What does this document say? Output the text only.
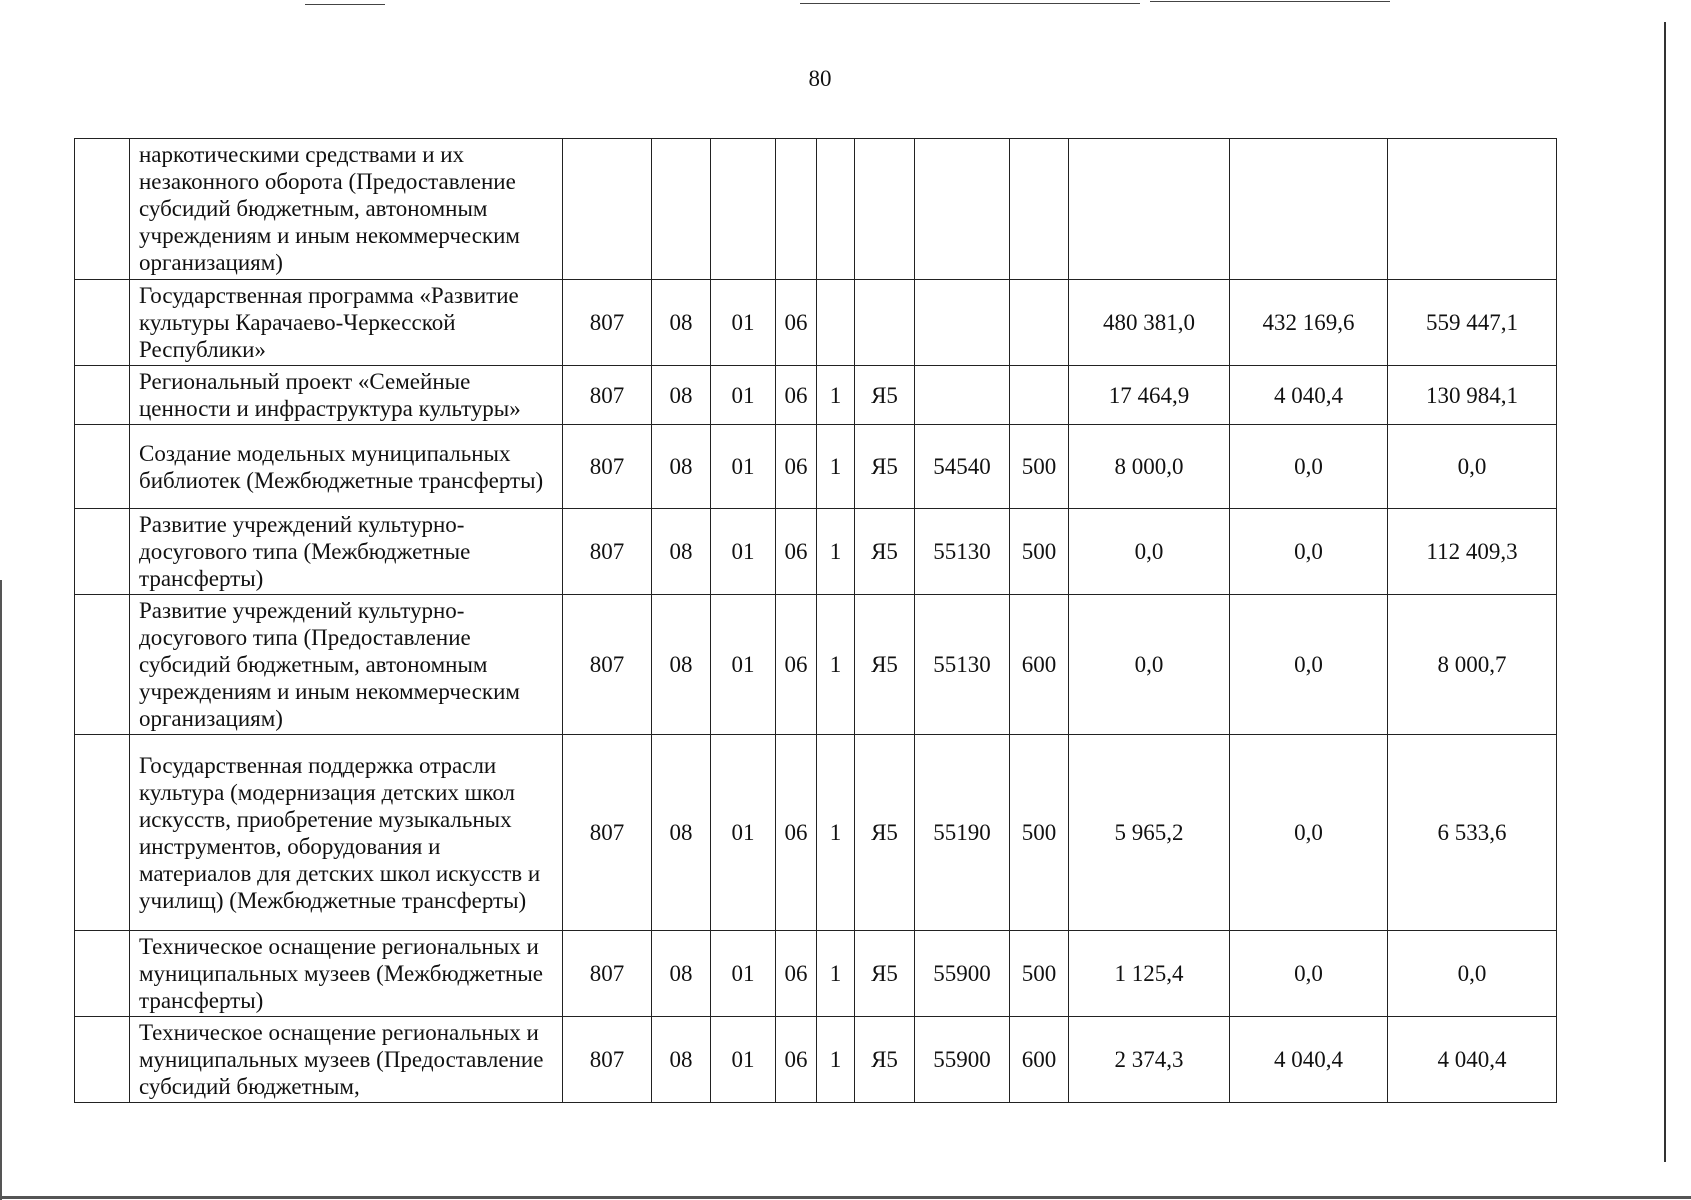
80
	наркотическими средствами и их незаконного оборота (Предоставление субсидий бюджетным, автономным учреждениям и иным некоммерческим организациям)											
	Государственная программа «Развитие культуры Карачаево-Черкесской Республики»	807	08	01	06					480 381,0	432 169,6	559 447,1
	Региональный проект «Семейные ценности и инфраструктура культуры»	807	08	01	06	1	Я5			17 464,9	4 040,4	130 984,1
	Создание модельных муниципальных библиотек (Межбюджетные трансферты)	807	08	01	06	1	Я5	54540	500	8 000,0	0,0	0,0
	Развитие учреждений культурно-досугового типа (Межбюджетные трансферты)	807	08	01	06	1	Я5	55130	500	0,0	0,0	112 409,3
	Развитие учреждений культурно-досугового типа (Предоставление субсидий бюджетным, автономным учреждениям и иным некоммерческим организациям)	807	08	01	06	1	Я5	55130	600	0,0	0,0	8 000,7
	Государственная поддержка отрасли культура (модернизация детских школ искусств, приобретение музыкальных инструментов, оборудования и материалов для детских школ искусств и училищ) (Межбюджетные трансферты)	807	08	01	06	1	Я5	55190	500	5 965,2	0,0	6 533,6
	Техническое оснащение региональных и муниципальных музеев (Межбюджетные трансферты)	807	08	01	06	1	Я5	55900	500	1 125,4	0,0	0,0
	Техническое оснащение региональных и муниципальных музеев (Предоставление субсидий бюджетным,	807	08	01	06	1	Я5	55900	600	2 374,3	4 040,4	4 040,4
